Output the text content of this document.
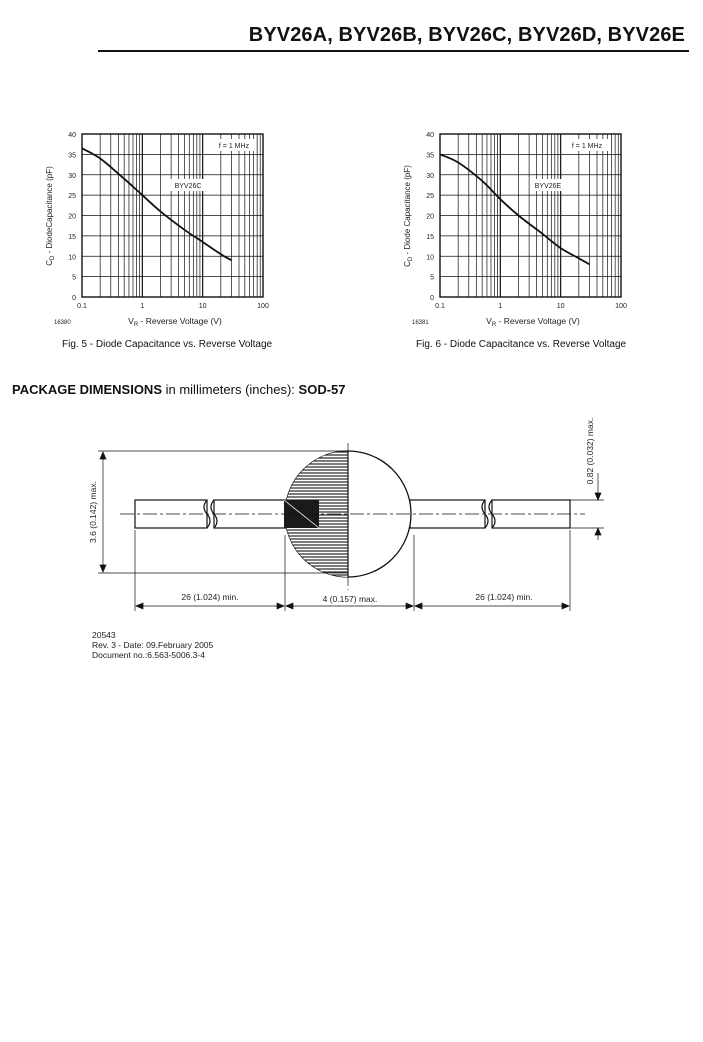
BYV26A, BYV26B, BYV26C, BYV26D, BYV26E
0
5
10
15
20
25
30
35
40
0.1	1	10	100
f = 1 MHz
BYV26C
$C_D$ - DiodeCapacitance (pF)
$V_R$ - Reverse Voltage (V)
16380
0
5
10
15
20
25
30
35
40
0.1	1	10	100
f = 1 MHz
BYV26E
$C_D$ - Diode Capacitance (pF)
$V_R$ - Reverse Voltage (V)
16381
Fig. 5 - Diode Capacitance vs. Reverse Voltage	Fig. 6 - Diode Capacitance vs. Reverse Voltage
PACKAGE DIMENSIONS in millimeters (inches): SOD-57
3.6 (0.142) max.
0.82 (0.032) max.
26 (1.024) min.	4 (0.157) max.	26 (1.024) min.
20543
Rev. 3 - Date: 09.February 2005
Document no.:6.563-5006.3-4
